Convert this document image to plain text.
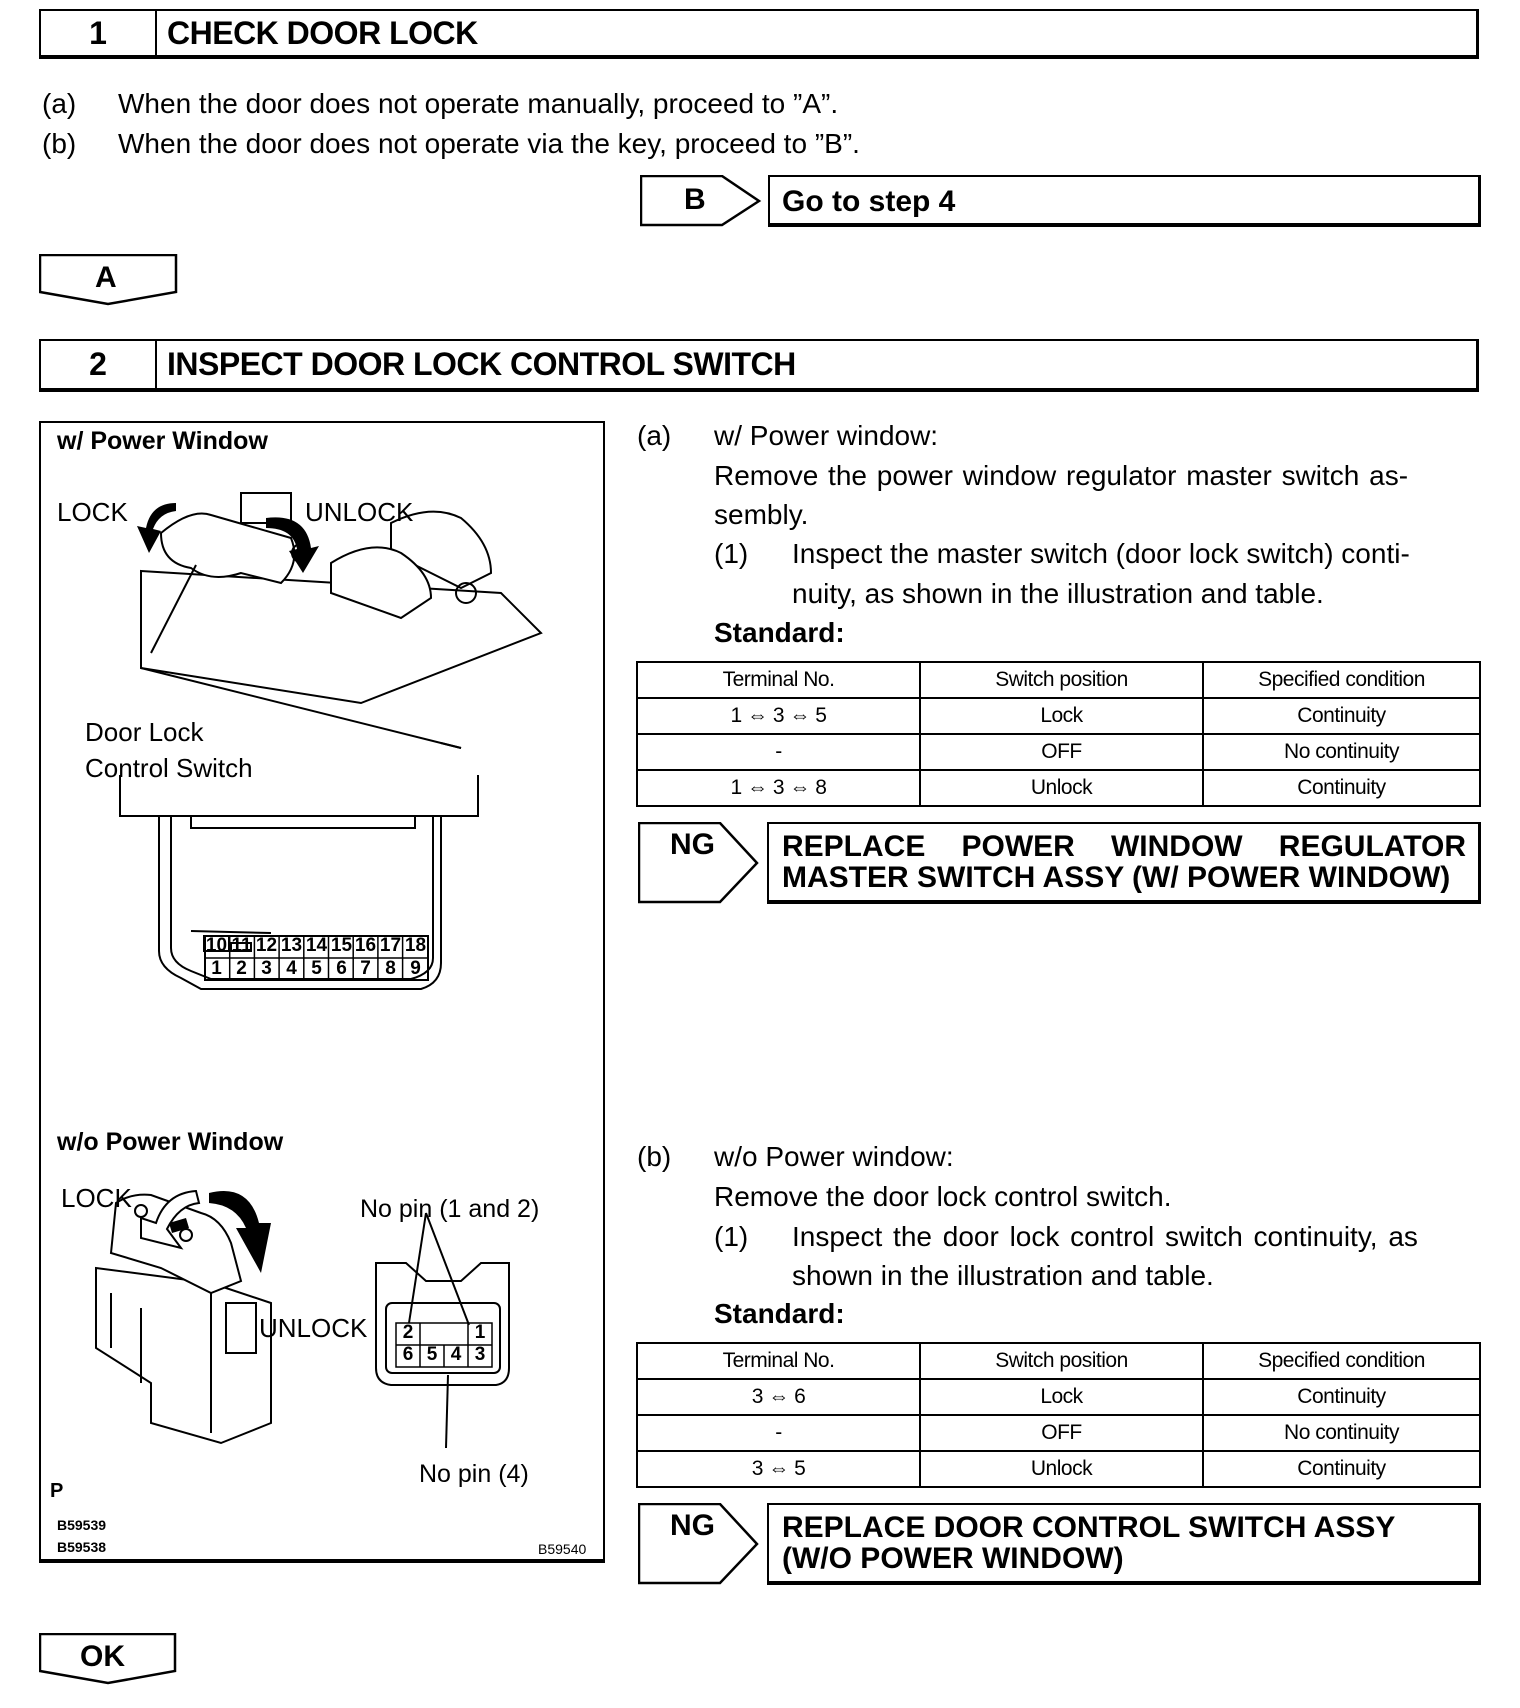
1	CHECK DOOR LOCK
(a) When the door does not operate manually, proceed to ”A”.
(b) When the door does not operate via the key, proceed to ”B”.
B	Go to step 4
A
2	INSPECT DOOR LOCK CONTROL SWITCH
w/ Power Window
LOCK	UNLOCK
Door Lock
Control Switch
10 11 12 13 14 15 16 17 18
1 2 3 4 5 6 7 8 9
w/o Power Window
LOCK
UNLOCK
No pin (1 and 2)
No pin (4)
2	1
6 5 4 3
P
B59539
B59538	B59540
(a) w/ Power window:
Remove the power window regulator master switch as-
sembly.
(1) Inspect the master switch (door lock switch) conti-
nuity, as shown in the illustration and table.
Standard:
Terminal No.	Switch position	Specified condition
1 ⇔ 3 ⇔ 5	Lock	Continuity
-	OFF	No continuity
1 ⇔ 3 ⇔ 8	Unlock	Continuity
NG REPLACE POWER WINDOW REGULATOR
MASTER SWITCH ASSY (W/ POWER WINDOW)
(b) w/o Power window:
Remove the door lock control switch.
(1) Inspect the door lock control switch continuity, as
shown in the illustration and table.
Standard:
Terminal No.	Switch position	Specified condition
3 ⇔ 6	Lock	Continuity
-	OFF	No continuity
3 ⇔ 5	Unlock	Continuity
NG REPLACE DOOR CONTROL SWITCH ASSY
(W/O POWER WINDOW)
OK
